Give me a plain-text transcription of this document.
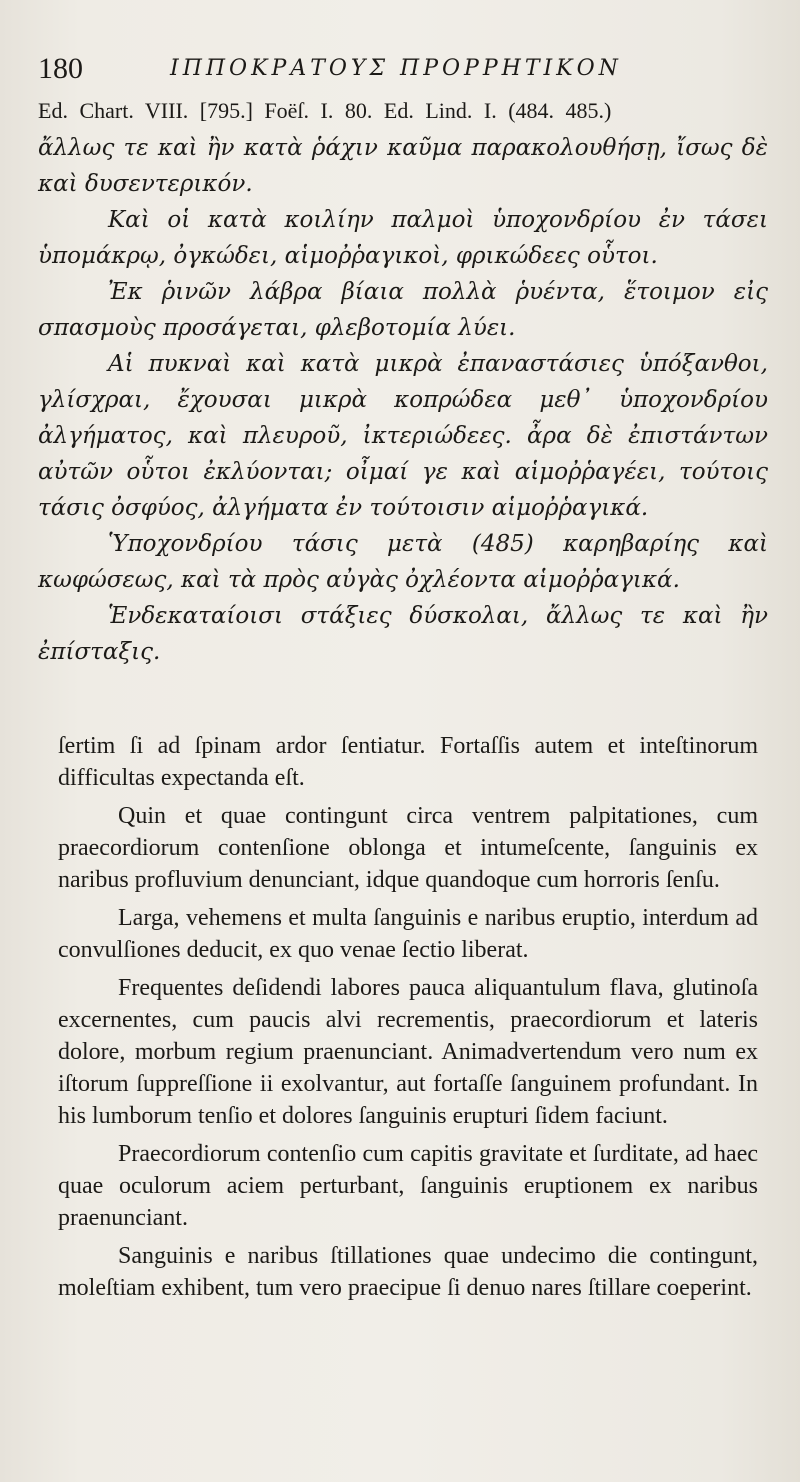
180	ΙΠΠΟΚΡΑΤΟΥΣ ΠΡΟΡΡΗΤΙΚΟΝ
Ed. Chart. VIII. [795.] Foëſ. I. 80. Ed. Lind. I. (484. 485.)

ἄλλως τε καὶ ἢν κατὰ ῥάχιν καῦμα παρακολουθήσῃ, ἴσως δὲ καὶ δυσεντερικόν.

Καὶ οἱ κατὰ κοιλίην παλμοὶ ὑποχονδρίου ἐν τάσει ὑπομάκρῳ, ὀγκώδει, αἱμοῤῥαγικοὶ, φρικώδεες οὗτοι.

Ἐκ ῥινῶν λάβρα βίαια πολλὰ ῥυέντα, ἕτοιμον εἰς σπασμοὺς προσάγεται, φλεβοτομία λύει.

Αἱ πυκναὶ καὶ κατὰ μικρὰ ἐπαναστάσιες ὑπόξανθοι, γλίσχραι, ἔχουσαι μικρὰ κοπρώδεα μεθ᾽ ὑποχονδρίου ἀλγήματος, καὶ πλευροῦ, ἰκτεριώδεες. ἆρα δὲ ἐπιστάντων αὐτῶν οὗτοι ἐκλύονται; οἶμαί γε καὶ αἱμοῤῥαγέει, τούτοις τάσις ὀσφύος, ἀλγήματα ἐν τούτοισιν αἱμοῤῥαγικά.

Ὑποχονδρίου τάσις μετὰ (485) καρηβαρίης καὶ κωφώσεως, καὶ τὰ πρὸς αὐγὰς ὀχλέοντα αἱμοῤῥαγικά.

Ἑνδεκαταίοισι στάξιες δύσκολαι, ἄλλως τε καὶ ἢν ἐπίσταξις.

ſertim ſi ad ſpinam ardor ſentiatur. Fortaſſis autem et inteſtinorum difficultas expectanda eſt.

Quin et quae contingunt circa ventrem palpitationes, cum praecordiorum contenſione oblonga et intumeſcente, ſanguinis ex naribus profluvium denunciant, idque quandoque cum horroris ſenſu.

Larga, vehemens et multa ſanguinis e naribus eruptio, interdum ad convulſiones deducit, ex quo venae ſectio liberat.

Frequentes deſidendi labores pauca aliquantulum flava, glutinoſa excernentes, cum paucis alvi recrementis, praecordiorum et lateris dolore, morbum regium praenunciant. Animadvertendum vero num ex iſtorum ſuppreſſione ii exolvantur, aut fortaſſe ſanguinem profundant. In his lumborum tenſio et dolores ſanguinis erupturi ſidem faciunt.

Praecordiorum contenſio cum capitis gravitate et ſurditate, ad haec quae oculorum aciem perturbant, ſanguinis eruptionem ex naribus praenunciant.

Sanguinis e naribus ſtillationes quae undecimo die contingunt, moleſtiam exhibent, tum vero praecipue ſi denuo nares ſtillare coeperint.
